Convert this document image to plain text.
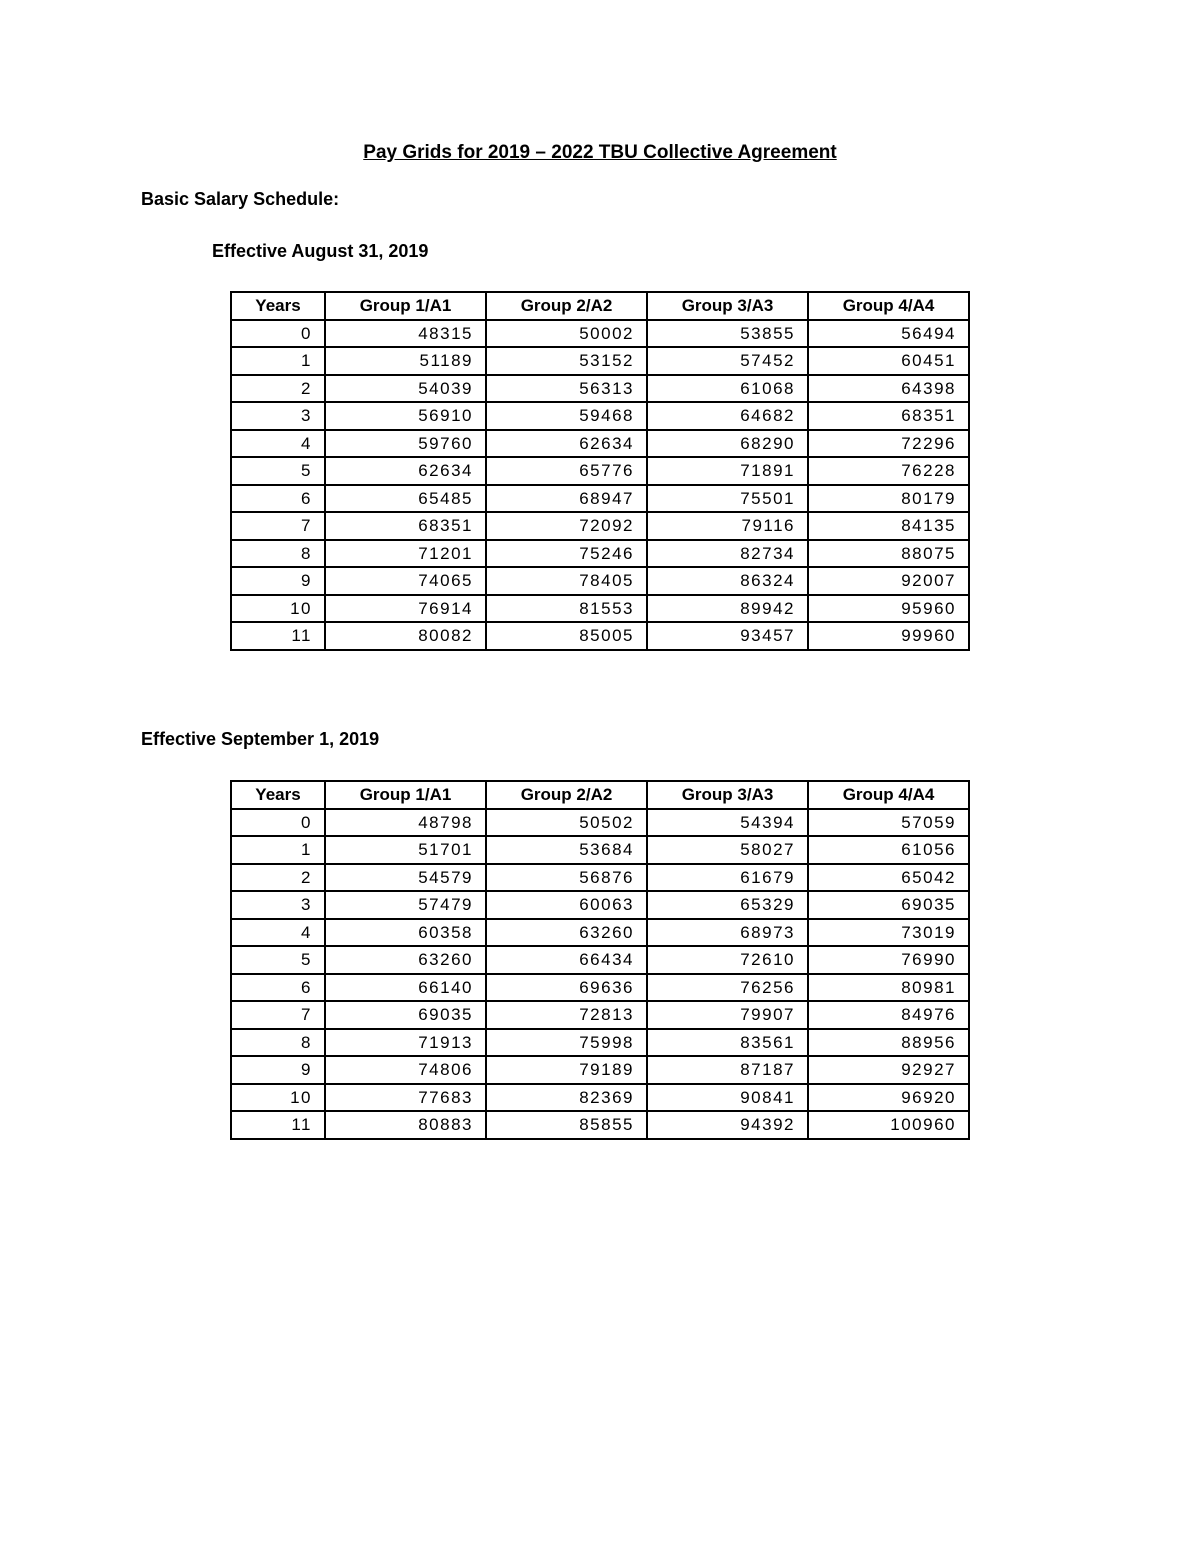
Pay Grids for 2019 – 2022 TBU Collective Agreement

Basic Salary Schedule:

Effective August 31, 2019

Years	Group 1/A1	Group 2/A2	Group 3/A3	Group 4/A4
0	48315	50002	53855	56494
1	51189	53152	57452	60451
2	54039	56313	61068	64398
3	56910	59468	64682	68351
4	59760	62634	68290	72296
5	62634	65776	71891	76228
6	65485	68947	75501	80179
7	68351	72092	79116	84135
8	71201	75246	82734	88075
9	74065	78405	86324	92007
10	76914	81553	89942	95960
11	80082	85005	93457	99960

Effective September 1, 2019

Years	Group 1/A1	Group 2/A2	Group 3/A3	Group 4/A4
0	48798	50502	54394	57059
1	51701	53684	58027	61056
2	54579	56876	61679	65042
3	57479	60063	65329	69035
4	60358	63260	68973	73019
5	63260	66434	72610	76990
6	66140	69636	76256	80981
7	69035	72813	79907	84976
8	71913	75998	83561	88956
9	74806	79189	87187	92927
10	77683	82369	90841	96920
11	80883	85855	94392	100960
